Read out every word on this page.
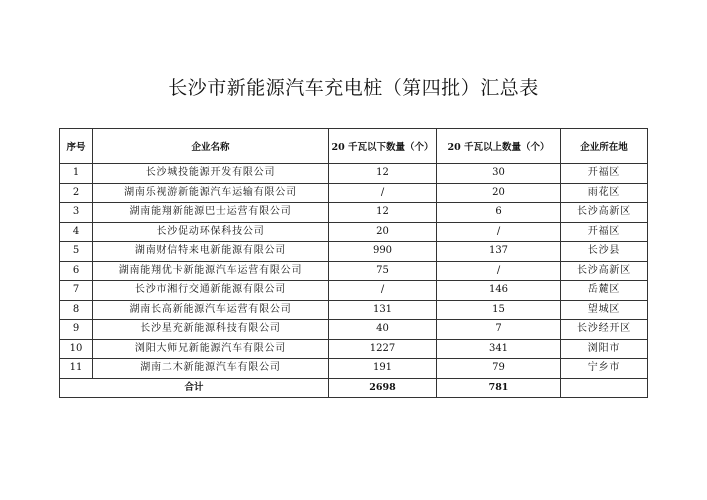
长沙市新能源汽车充电桩（第四批）汇总表
序号	企业名称	20 千瓦以下数量（个）	20 千瓦以上数量（个）	企业所在地
1	长沙城投能源开发有限公司	12	30	开福区
2	湖南乐视游新能源汽车运输有限公司	/	20	雨花区
3	湖南能翔新能源巴士运营有限公司	12	6	长沙高新区
4	长沙促动环保科技公司	20	/	开福区
5	湖南财信特来电新能源有限公司	990	137	长沙县
6	湖南能翔优卡新能源汽车运营有限公司	75	/	长沙高新区
7	长沙市湘行交通新能源有限公司	/	146	岳麓区
8	湖南长高新能源汽车运营有限公司	131	15	望城区
9	长沙星充新能源科技有限公司	40	7	长沙经开区
10	浏阳大师兄新能源汽车有限公司	1227	341	浏阳市
11	湖南二木新能源汽车有限公司	191	79	宁乡市
合计		2698	781	
